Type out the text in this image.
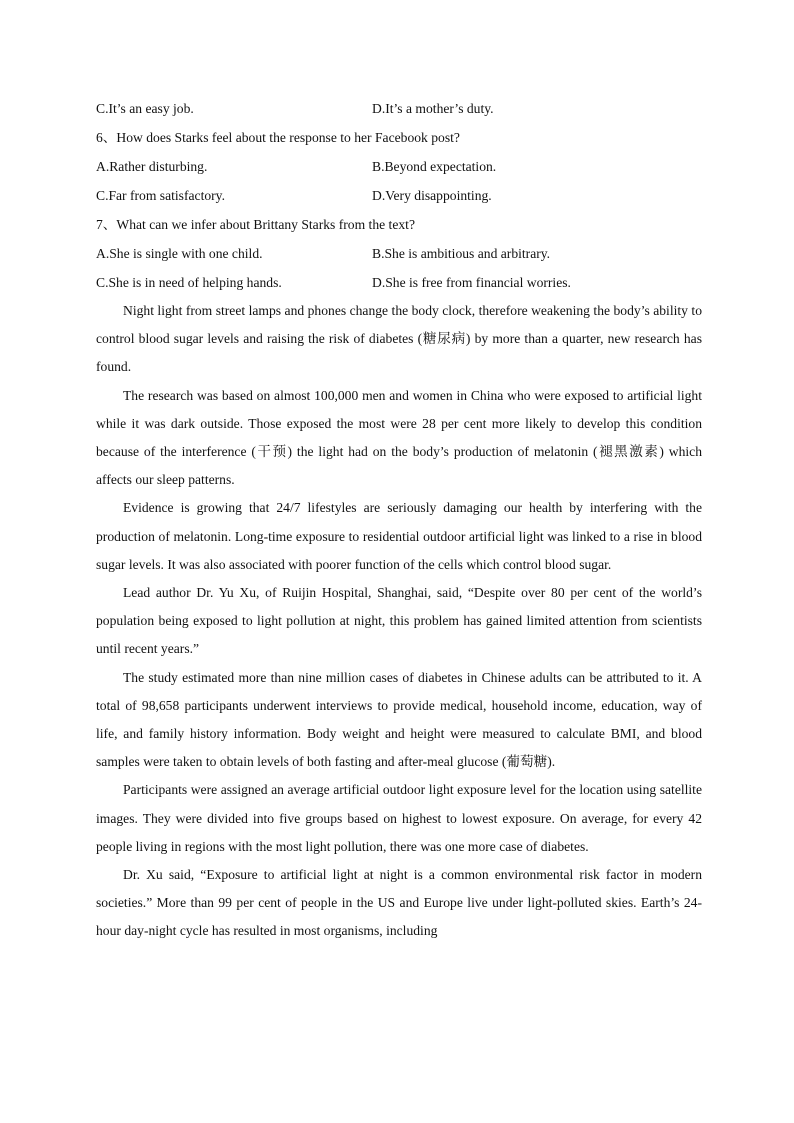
C.It’s an easy job.	D.It’s a mother’s duty.
6、How does Starks feel about the response to her Facebook post?
A.Rather disturbing.	B.Beyond expectation.
C.Far from satisfactory.	D.Very disappointing.
7、What can we infer about Brittany Starks from the text?
A.She is single with one child.	B.She is ambitious and arbitrary.
C.She is in need of helping hands.	D.She is free from financial worries.

Night light from street lamps and phones change the body clock, therefore weakening the body’s ability to control blood sugar levels and raising the risk of diabetes (糖尿病) by more than a quarter, new research has found.

The research was based on almost 100,000 men and women in China who were exposed to artificial light while it was dark outside. Those exposed the most were 28 per cent more likely to develop this condition because of the interference (干预) the light had on the body’s production of melatonin (褪黑激素) which affects our sleep patterns.

Evidence is growing that 24/7 lifestyles are seriously damaging our health by interfering with the production of melatonin. Long-time exposure to residential outdoor artificial light was linked to a rise in blood sugar levels. It was also associated with poorer function of the cells which control blood sugar.

Lead author Dr. Yu Xu, of Ruijin Hospital, Shanghai, said, “Despite over 80 per cent of the world’s population being exposed to light pollution at night, this problem has gained limited attention from scientists until recent years.”

The study estimated more than nine million cases of diabetes in Chinese adults can be attributed to it. A total of 98,658 participants underwent interviews to provide medical, household income, education, way of life, and family history information. Body weight and height were measured to calculate BMI, and blood samples were taken to obtain levels of both fasting and after-meal glucose (葡萄糖).

Participants were assigned an average artificial outdoor light exposure level for the location using satellite images. They were divided into five groups based on highest to lowest exposure. On average, for every 42 people living in regions with the most light pollution, there was one more case of diabetes.

Dr. Xu said, “Exposure to artificial light at night is a common environmental risk factor in modern societies.” More than 99 per cent of people in the US and Europe live under light-polluted skies. Earth’s 24-hour day-night cycle has resulted in most organisms, including
